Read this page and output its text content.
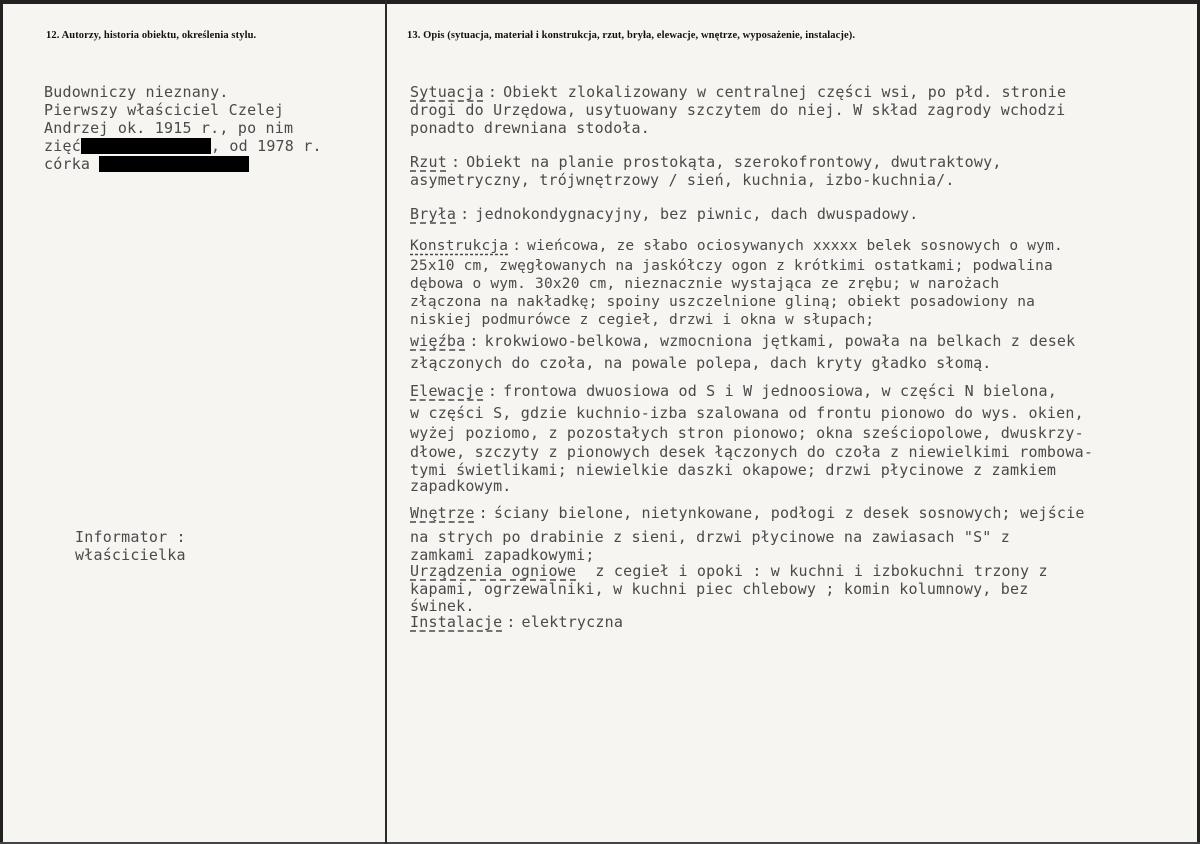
12. Autorzy, historia obiektu, określenia stylu.	13. Opis (sytuacja, materiał i konstrukcja, rzut, bryła, elewacje, wnętrze, wyposażenie, instalacje).
Budowniczy nieznany.
Pierwszy właściciel Czelej
Andrzej ok. 1915 r., po nim
zięć	, od 1978 r.
córka
Informator :
właścicielka
Sytuacja : Obiekt zlokalizowany w centralnej części wsi, po płd. stronie
drogi do Urzędowa, usytuowany szczytem do niej. W skład zagrody wchodzi
ponadto drewniana stodoła.
Rzut : Obiekt na planie prostokąta, szerokofrontowy, dwutraktowy,
asymetryczny, trójwnętrzowy / sień, kuchnia, izbo-kuchnia/.
Bryła : jednokondygnacyjny, bez piwnic, dach dwuspadowy.
Konstrukcja : wieńcowa, ze słabo ociosywanych xxxxx belek sosnowych o wym.
25x10 cm, zwęgłowanych na jaskółczy ogon z krótkimi ostatkami; podwalina
dębowa o wym. 30x20 cm, nieznacznie wystająca ze zrębu; w narożach
złączona na nakładkę; spoiny uszczelnione gliną; obiekt posadowiony na
niskiej podmurówce z cegieł, drzwi i okna w słupach;
więźba : krokwiowo-belkowa, wzmocniona jętkami, powała na belkach z desek
złączonych do czoła, na powale polepa, dach kryty gładko słomą.
Elewacje : frontowa dwuosiowa od S i W jednoosiowa, w części N bielona,
w części S, gdzie kuchnio-izba szalowana od frontu pionowo do wys. okien,
wyżej poziomo, z pozostałych stron pionowo; okna sześciopolowe, dwuskrzy-
dłowe, szczyty z pionowych desek łączonych do czoła z niewielkimi rombowa-
tymi świetlikami; niewielkie daszki okapowe; drzwi płycinowe z zamkiem
zapadkowym.
Wnętrze : ściany bielone, nietynkowane, podłogi z desek sosnowych; wejście
na strych po drabinie z sieni, drzwi płycinowe na zawiasach "S" z
zamkami zapadkowymi;
Urządzenia ogniowe z cegieł i opoki : w kuchni i izbokuchni trzony z
kapami, ogrzewalniki, w kuchni piec chlebowy ; komin kolumnowy, bez
świnek.
Instalacje : elektryczna
